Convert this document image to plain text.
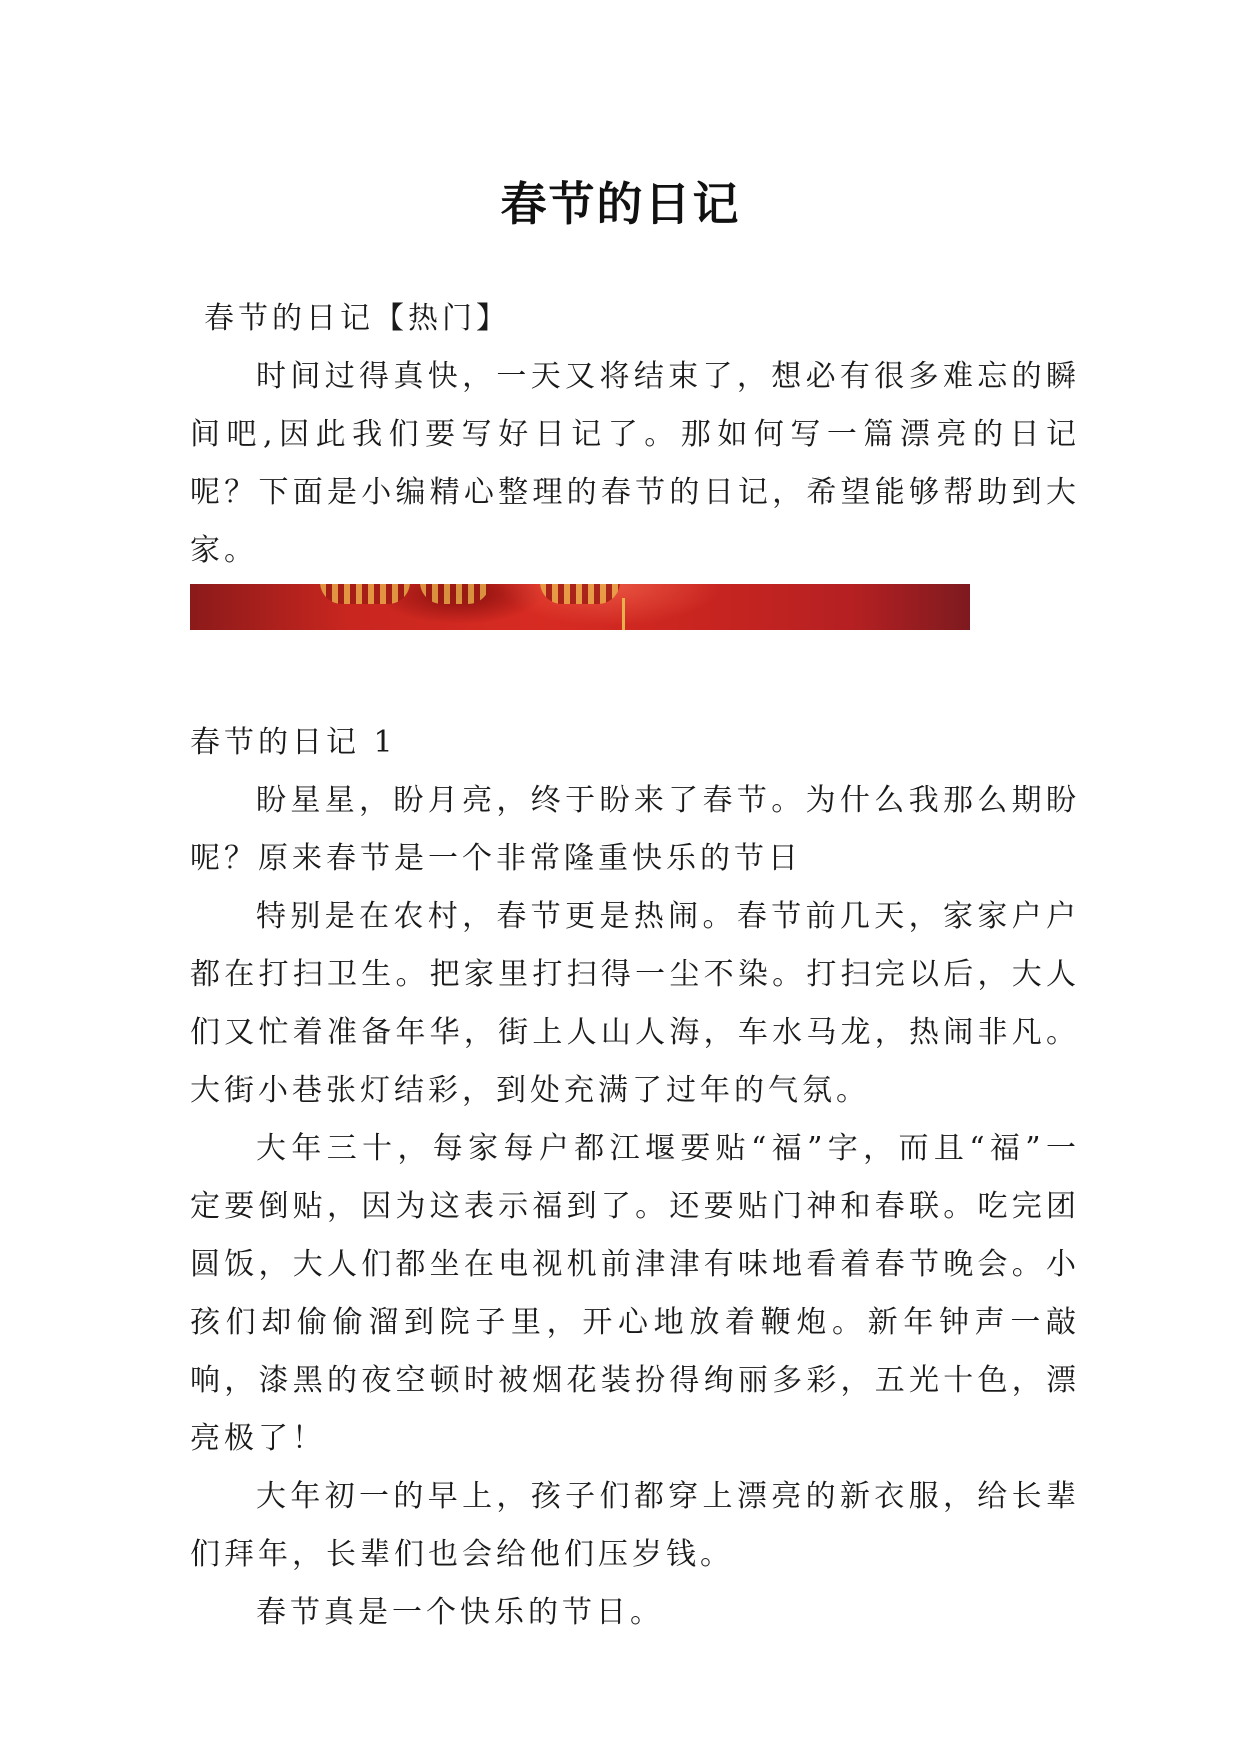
春节的日记

春节的日记【热门】

时间过得真快，一天又将结束了，想必有很多难忘的瞬间吧,因此我们要写好日记了。那如何写一篇漂亮的日记呢？下面是小编精心整理的春节的日记，希望能够帮助到大家。

春节的日记 1

盼星星，盼月亮，终于盼来了春节。为什么我那么期盼呢？原来春节是一个非常隆重快乐的节日

特别是在农村，春节更是热闹。春节前几天，家家户户都在打扫卫生。把家里打扫得一尘不染。打扫完以后，大人们又忙着准备年华，街上人山人海，车水马龙，热闹非凡。大街小巷张灯结彩，到处充满了过年的气氛。

大年三十，每家每户都江堰要贴“福”字，而且“福”一定要倒贴，因为这表示福到了。还要贴门神和春联。吃完团圆饭，大人们都坐在电视机前津津有味地看着春节晚会。小孩们却偷偷溜到院子里，开心地放着鞭炮。新年钟声一敲响，漆黑的夜空顿时被烟花装扮得绚丽多彩，五光十色，漂亮极了！

大年初一的早上，孩子们都穿上漂亮的新衣服，给长辈们拜年，长辈们也会给他们压岁钱。

春节真是一个快乐的节日。
